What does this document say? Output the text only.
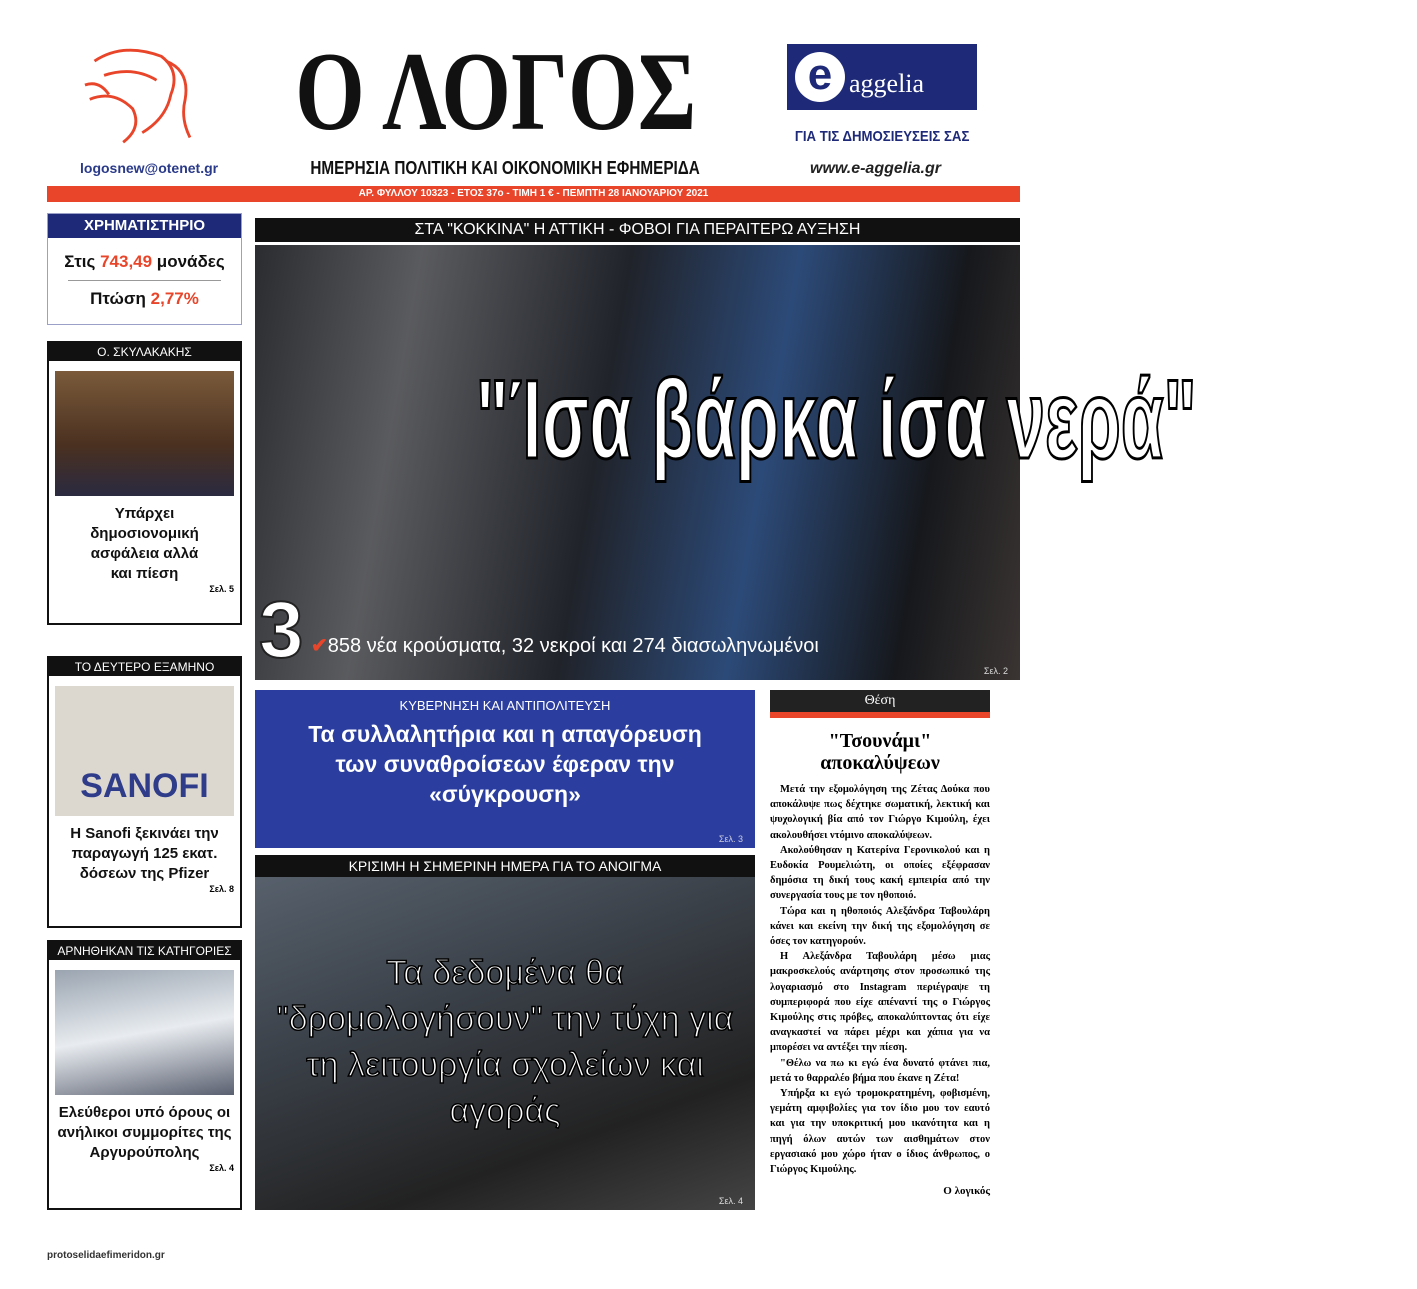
Ο ΛΟΓΟΣ
logosnew@otenet.gr	ΗΜΕΡΗΣΙΑ ΠΟΛΙΤΙΚΗ ΚΑΙ ΟΙΚΟΝΟΜΙΚΗ ΕΦΗΜΕΡΙΔΑ
e aggelia
ΓΙΑ ΤΙΣ ΔΗΜΟΣΙΕΥΣΕΙΣ ΣΑΣ
www.e-aggelia.gr
ΑΡ. ΦΥΛΛΟΥ 10323 - ΕΤΟΣ 37ο - ΤΙΜΗ 1 € - ΠΕΜΠΤΗ 28 ΙΑΝΟΥΑΡΙΟΥ 2021
ΧΡΗΜΑΤΙΣΤΗΡΙΟ
Στις 743,49 μονάδες
Πτώση 2,77%
Ο. ΣΚΥΛΑΚΑΚΗΣ
Υπάρχει δημοσιονομική ασφάλεια αλλά και πίεση
Σελ. 5
ΤΟ ΔΕΥΤΕΡΟ ΕΞΑΜΗΝΟ
SANOFI
Η Sanofi ξεκινάει την παραγωγή 125 εκατ. δόσεων της Pfizer
Σελ. 8
ΑΡΝΗΘΗΚΑΝ ΤΙΣ ΚΑΤΗΓΟΡΙΕΣ
Ελεύθεροι υπό όρους οι ανήλικοι συμμορίτες της Αργυρούπολης
Σελ. 4
ΣΤΑ "ΚΟΚΚΙΝΑ" Η ΑΤΤΙΚΗ - ΦΟΒΟΙ ΓΙΑ ΠΕΡΑΙΤΕΡΩ ΑΥΞΗΣΗ
"Ίσα βάρκα ίσα νερά"
3 ✔858 νέα κρούσματα, 32 νεκροί και 274 διασωληνωμένοι
Σελ. 2
ΚΥΒΕΡΝΗΣΗ ΚΑΙ ΑΝΤΙΠΟΛΙΤΕΥΣΗ
Τα συλλαλητήρια και η απαγόρευση των συναθροίσεων έφεραν την «σύγκρουση»
Σελ. 3
ΚΡΙΣΙΜΗ Η ΣΗΜΕΡΙΝΗ ΗΜΕΡΑ ΓΙΑ ΤΟ ΑΝΟΙΓΜΑ
Τα δεδομένα θα "δρομολογήσουν" την τύχη για τη λειτουργία σχολείων και αγοράς
Σελ. 4
Θέση
"Τσουνάμι" αποκαλύψεων

Μετά την εξομολόγηση της Ζέτας Δούκα που αποκάλυψε πως δέχτηκε σωματική, λεκτική και ψυχολογική βία από τον Γιώργο Κιμούλη, έχει ακολουθήσει ντόμινο αποκαλύψεων.

Ακολούθησαν η Κατερίνα Γερονικολού και η Ευδοκία Ρουμελιώτη, οι οποίες εξέφρασαν δημόσια τη δική τους κακή εμπειρία από την συνεργασία τους με τον ηθοποιό.

Τώρα και η ηθοποιός Αλεξάνδρα Ταβουλάρη κάνει και εκείνη την δική της εξομολόγηση σε όσες τον κατηγορούν.

Η Αλεξάνδρα Ταβουλάρη μέσω μιας μακροσκελούς ανάρτησης στον προσωπικό της λογαριασμό στο Instagram περιέγραψε τη συμπεριφορά που είχε απέναντί της ο Γιώργος Κιμούλης στις πρόβες, αποκαλύπτοντας ότι είχε αναγκαστεί να πάρει μέχρι και χάπια για να μπορέσει να αντέξει την πίεση.

"Θέλω να πω κι εγώ ένα δυνατό φτάνει πια, μετά το θαρραλέο βήμα που έκανε η Ζέτα!

Υπήρξα κι εγώ τρομοκρατημένη, φοβισμένη, γεμάτη αμφιβολίες για τον ίδιο μου τον εαυτό και για την υποκριτική μου ικανότητα και η πηγή όλων αυτών των αισθημάτων στον εργασιακό μου χώρο ήταν ο ίδιος άνθρωπος, ο Γιώργος Κιμούλης.

Ο λογικός
protoselidaefimeridon.gr
